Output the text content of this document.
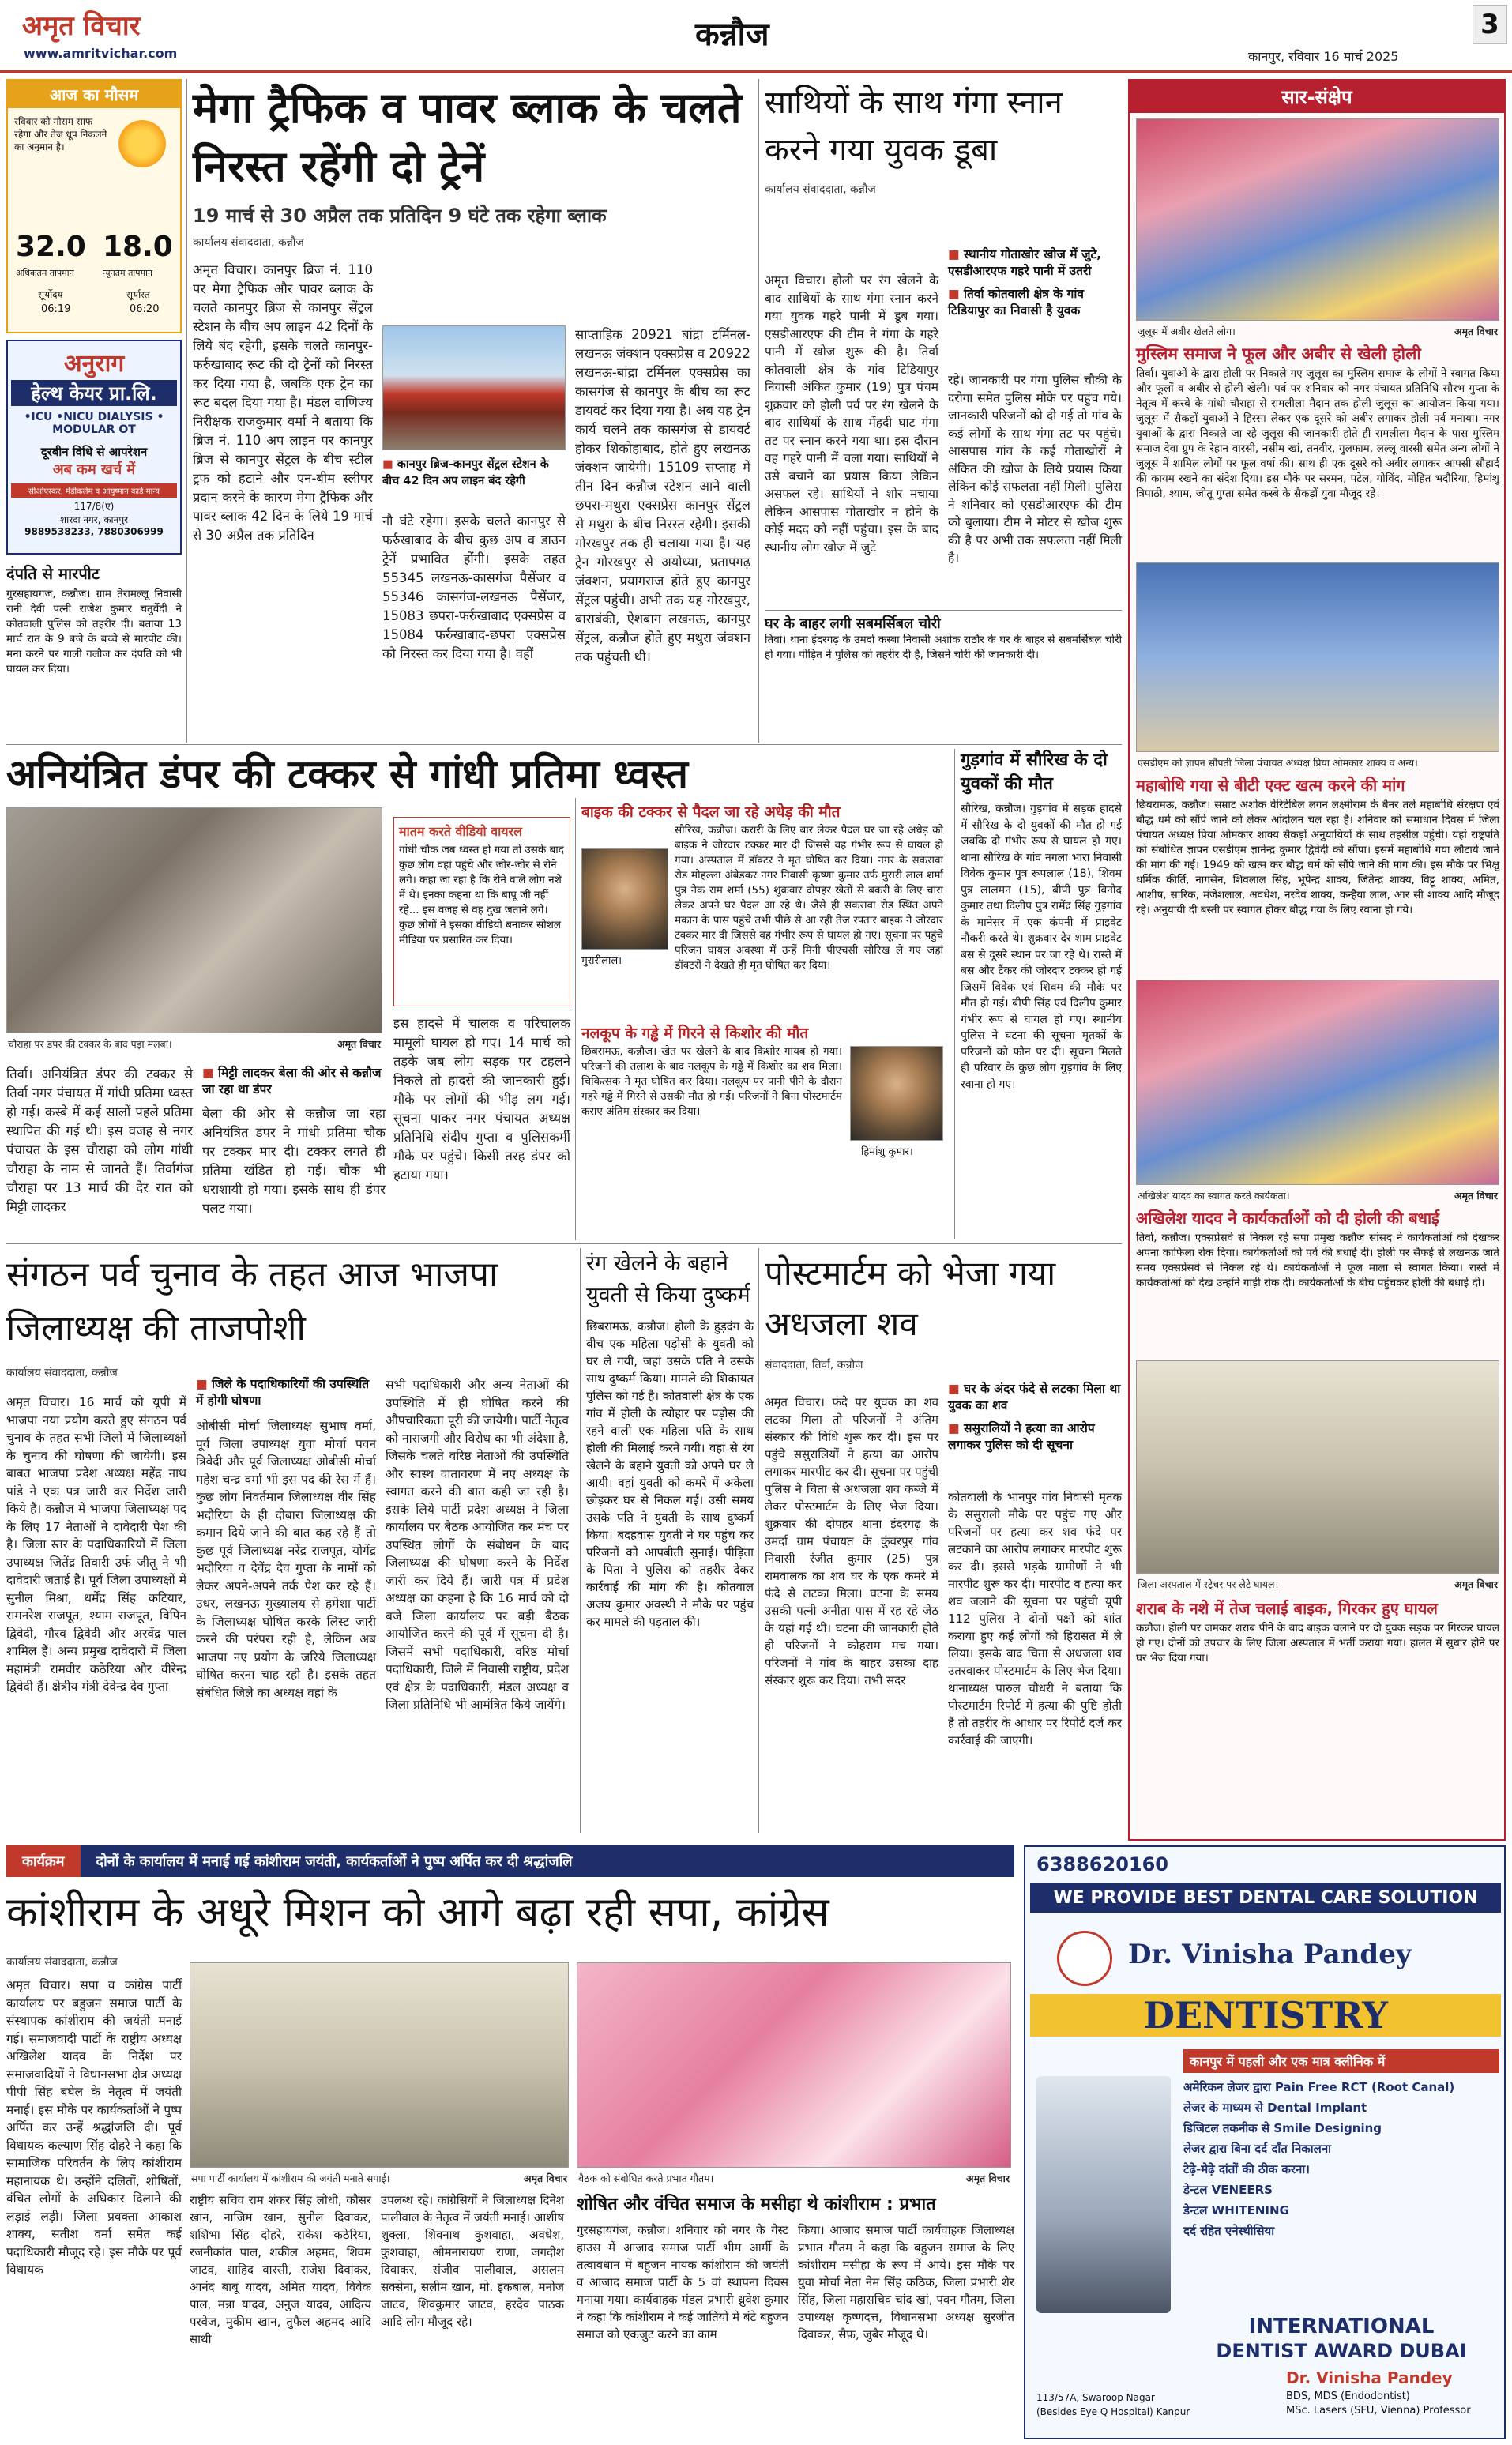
अमृत विचार
www.amritvichar.com
कन्नौज
कानपुर, रविवार 16 मार्च 2025
3
आज का मौसम
रविवार को मौसम साफ रहेगा और तेज धूप निकलने का अनुमान है।
32.0
अधिकतम तापमान
18.0
न्यूनतम तापमान
सूर्योदय
06:19
सूर्यास्त
06:20
अनुराग
हेल्थ केयर प्रा.लि.
•ICU •NICU DIALYSIS • MODULAR OT
दूरबीन विधि से आपरेशन
अब कम खर्च में
सीओएस्कर, मेडीकलेम व आयुष्मान कार्ड मान्य
117/8(ए)
शारदा नगर, कानपुर
9889538233, 7880306999
दंपति से मारपीट
गुरसहायगंज, कन्नौज। ग्राम तेरामल्लू निवासी रानी देवी पत्नी राजेश कुमार चतुर्वेदी ने कोतवाली पुलिस को तहरीर दी। बताया 13 मार्च रात के 9 बजे के बच्चे से मारपीट की। मना करने पर गाली गलौज कर दंपति को भी घायल कर दिया।
मेगा ट्रैफिक व पावर ब्लाक के चलते निरस्त रहेंगी दो ट्रेनें
19 मार्च से 30 अप्रैल तक प्रतिदिन 9 घंटे तक रहेगा ब्लाक
कार्यालय संवाददाता, कन्नौज
अमृत विचार। कानपुर ब्रिज नं. 110 पर मेगा ट्रैफिक और पावर ब्लाक के चलते कानपुर ब्रिज से कानपुर सेंट्रल स्टेशन के बीच अप लाइन 42 दिनों के लिये बंद रहेगी, इसके चलते कानपुर-फर्रुखाबाद रूट की दो ट्रेनों को निरस्त कर दिया गया है, जबकि एक ट्रेन का रूट बदल दिया गया है। मंडल वाणिज्य निरीक्षक राजकुमार वर्मा ने बताया कि ब्रिज नं. 110 अप लाइन पर कानपुर ब्रिज से कानपुर सेंट्रल के बीच स्टील ट्रफ को हटाने और एन-बीम स्लीपर प्रदान करने के कारण मेगा ट्रैफिक और पावर ब्लाक 42 दिन के लिये 19 मार्च से 30 अप्रैल तक प्रतिदिन
■ कानपुर ब्रिज-कानपुर सेंट्रल स्टेशन के बीच 42 दिन अप लाइन बंद रहेगी
नौ घंटे रहेगा। इसके चलते कानपुर से फर्रुखाबाद के बीच कुछ अप व डाउन ट्रेनें प्रभावित होंगी। इसके तहत 55345 लखनऊ-कासगंज पैसेंजर व 55346 कासगंज-लखनऊ पैसेंजर, 15083 छपरा-फर्रुखाबाद एक्सप्रेस व 15084 फर्रुखाबाद-छपरा एक्सप्रेस को निरस्त कर दिया गया है। वहीं
साप्ताहिक 20921 बांद्रा टर्मिनल-लखनऊ जंक्शन एक्सप्रेस व 20922 लखनऊ-बांद्रा टर्मिनल एक्सप्रेस का कासगंज से कानपुर के बीच का रूट डायवर्ट कर दिया गया है। अब यह ट्रेन कार्य चलने तक कासगंज से डायवर्ट होकर शिकोहाबाद, होते हुए लखनऊ जंक्शन जायेगी। 15109 सप्ताह में तीन दिन कन्नौज स्टेशन आने वाली छपरा-मथुरा एक्सप्रेस कानपुर सेंट्रल से मथुरा के बीच निरस्त रहेगी। इसकी गोरखपुर तक ही चलाया गया है। यह ट्रेन गोरखपुर से अयोध्या, प्रतापगढ़ जंक्शन, प्रयागराज होते हुए कानपुर सेंट्रल पहुंची। अभी तक यह गोरखपुर, बाराबंकी, ऐशबाग लखनऊ, कानपुर सेंट्रल, कन्नौज होते हुए मथुरा जंक्शन तक पहुंचती थी।
साथियों के साथ गंगा स्नान करने गया युवक डूबा
कार्यालय संवाददाता, कन्नौज
अमृत विचार। होली पर रंग खेलने के बाद साथियों के साथ गंगा स्नान करने गया युवक गहरे पानी में डूब गया। एसडीआरएफ की टीम ने गंगा के गहरे पानी में खोज शुरू की है। तिर्वा कोतवाली क्षेत्र के गांव टिडियापुर निवासी अंकित कुमार (19) पुत्र पंचम शुक्रवार को होली पर्व पर रंग खेलने के बाद साथियों के साथ मेंहदी घाट गंगा तट पर स्नान करने गया था। इस दौरान वह गहरे पानी में चला गया। साथियों ने उसे बचाने का प्रयास किया लेकिन असफल रहे। साथियों ने शोर मचाया लेकिन आसपास गोताखोर न होने के कोई मदद को नहीं पहुंचा। इस के बाद स्थानीय लोग खोज में जुटे
■ स्थानीय गोताखोर खोज में जुटे, एसडीआरएफ गहरे पानी में उतरी
■ तिर्वा कोतवाली क्षेत्र के गांव टिडियापुर का निवासी है युवक
रहे। जानकारी पर गंगा पुलिस चौकी के दरोगा समेत पुलिस मौके पर पहुंच गये। जानकारी परिजनों को दी गई तो गांव के कई लोगों के साथ गंगा तट पर पहुंचे। आसपास गांव के कई गोताखोरों ने अंकित की खोज के लिये प्रयास किया लेकिन कोई सफलता नहीं मिली। पुलिस ने शनिवार को एसडीआरएफ की टीम को बुलाया। टीम ने मोटर से खोज शुरू की है पर अभी तक सफलता नहीं मिली है।
घर के बाहर लगी सबमर्सिबल चोरी
तिर्वा। थाना इंदरगढ़ के उमर्दा कस्बा निवासी अशोक राठौर के घर के बाहर से सबमर्सिबल चोरी हो गया। पीड़ित ने पुलिस को तहरीर दी है, जिसने चोरी की जानकारी दी।
सार-संक्षेप
जुलूस में अबीर खेलते लोग।	अमृत विचार
मुस्लिम समाज ने फूल और अबीर से खेली होली
तिर्वा। युवाओं के द्वारा होली पर निकाले गए जुलूस का मुस्लिम समाज के लोगों ने स्वागत किया और फूलों व अबीर से होली खेली। पर्व पर शनिवार को नगर पंचायत प्रतिनिधि सौरभ गुप्ता के नेतृत्व में कस्बे के गांधी चौराहा से रामलीला मैदान तक होली जुलूस का आयोजन किया गया। जुलूस में सैकड़ों युवाओं ने हिस्सा लेकर एक दूसरे को अबीर लगाकर होली पर्व मनाया। नगर युवाओं के द्वारा निकाले जा रहे जुलूस की जानकारी होते ही रामलीला मैदान के पास मुस्लिम समाज देवा ग्रुप के रेहान वारसी, नसीम खां, तनवीर, गुलफाम, लल्लू वारसी समेत अन्य लोगों ने जुलूस में शामिल लोगों पर फूल वर्षा की। साथ ही एक दूसरे को अबीर लगाकर आपसी सौहार्द की कायम रखने का संदेश दिया। इस मौके पर सरमन, पटेल, गोविंद, मोहित भदौरिया, हिमांशु त्रिपाठी, श्याम, जीतू गुप्ता समेत कस्बे के सैकड़ों युवा मौजूद रहे।
एसडीएम को ज्ञापन सौंपती जिला पंचायत अध्यक्ष प्रिया ओमकार शाक्य व अन्य।
महाबोधि गया से बीटी एक्ट खत्म करने की मांग
छिबरामऊ, कन्नौज। सम्राट अशोक वेरिटेबिल लगन लक्ष्मीराम के बैनर तले महाबोधि संरक्षण एवं बौद्ध धर्म को सौंपे जाने को लेकर आंदोलन चल रहा है। शनिवार को समाधान दिवस में जिला पंचायत अध्यक्ष प्रिया ओमकार शाक्य सैकड़ों अनुयायियों के साथ तहसील पहुंची। यहां राष्ट्रपति को संबोधित ज्ञापन एसडीएम ज्ञानेन्द्र कुमार द्विवेदी को सौंपा। इसमें महाबोधि गया लौटाये जाने की मांग की गई। 1949 को खत्म कर बौद्ध धर्म को सौंपे जाने की मांग की। इस मौके पर भिक्षु धर्मिक कीर्ति, नागसेन, शिवलाल सिंह, भूपेन्द्र शाक्य, जितेन्द्र शाक्य, विट्टू शाक्य, अमित, आशीष, सारिक, मंजेशलाल, अवधेश, नरदेव शाक्य, कन्हैया लाल, आर सी शाक्य आदि मौजूद रहे। अनुयायी दी बस्ती पर स्वागत होकर बौद्ध गया के लिए रवाना हो गये।
अखिलेश यादव का स्वागत करते कार्यकर्ता।	अमृत विचार
अखिलेश यादव ने कार्यकर्ताओं को दी होली की बधाई
तिर्वा, कन्नौज। एक्सप्रेसवे से निकल रहे सपा प्रमुख कन्नौज सांसद ने कार्यकर्ताओं को देखकर अपना काफिला रोक दिया। कार्यकर्ताओं को पर्व की बधाई दी। होली पर सैफई से लखनऊ जाते समय एक्सप्रेसवे से निकल रहे थे। कार्यकर्ताओं ने फूल माला से स्वागत किया। रास्ते में कार्यकर्ताओं को देख उन्होंने गाड़ी रोक दी। कार्यकर्ताओं के बीच पहुंचकर होली की बधाई दी।
जिला अस्पताल में स्ट्रेचर पर लेटे घायल।	अमृत विचार
शराब के नशे में तेज चलाई बाइक, गिरकर हुए घायल
कन्नौज। होली पर जमकर शराब पीने के बाद बाइक चलाने पर दो युवक सड़क पर गिरकर घायल हो गए। दोनों को उपचार के लिए जिला अस्पताल में भर्ती कराया गया। हालत में सुधार होने पर घर भेज दिया गया।
अनियंत्रित डंपर की टक्कर से गांधी प्रतिमा ध्वस्त
चौराहा पर डंपर की टक्कर के बाद पड़ा मलबा।	अमृत विचार
मातम करते वीडियो वायरल
गांधी चौक जब ध्वस्त हो गया तो उसके बाद कुछ लोग वहां पहुंचे और जोर-जोर से रोने लगे। कहा जा रहा है कि रोने वाले लोग नशे में थे। इनका कहना था कि बापू जी नहीं रहे... इस वजह से वह दुख जताने लगे। कुछ लोगों ने इसका वीडियो बनाकर सोशल मीडिया पर प्रसारित कर दिया।
■ मिट्टी लादकर बेला की ओर से कन्नौज जा रहा था डंपर
तिर्वा। अनियंत्रित डंपर की टक्कर से तिर्वा नगर पंचायत में गांधी प्रतिमा ध्वस्त हो गई। कस्बे में कई सालों पहले प्रतिमा स्थापित की गई थी। इस वजह से नगर पंचायत के इस चौराहा को लोग गांधी चौराहा के नाम से जानते हैं। तिर्वागंज चौराहा पर 13 मार्च की देर रात को मिट्टी लादकर
बेला की ओर से कन्नौज जा रहा अनियंत्रित डंपर ने गांधी प्रतिमा चौक पर टक्कर मार दी। टक्कर लगते ही प्रतिमा खंडित हो गई। चौक भी धराशायी हो गया। इसके साथ ही डंपर पलट गया।
इस हादसे में चालक व परिचालक मामूली घायल हो गए। 14 मार्च को तड़के जब लोग सड़क पर टहलने निकले तो हादसे की जानकारी हुई। मौके पर लोगों की भीड़ लग गई। सूचना पाकर नगर पंचायत अध्यक्ष प्रतिनिधि संदीप गुप्ता व पुलिसकर्मी मौके पर पहुंचे। किसी तरह डंपर को हटाया गया।
बाइक की टक्कर से पैदल जा रहे अधेड़ की मौत
मुरारीलाल।
सौरिख, कन्नौज। करारी के लिए बार लेकर पैदल घर जा रहे अधेड़ को बाइक ने जोरदार टक्कर मार दी जिससे वह गंभीर रूप से घायल हो गया। अस्पताल में डॉक्टर ने मृत घोषित कर दिया। नगर के सकरावा रोड मोहल्ला अंबेडकर नगर निवासी कृष्णा कुमार उर्फ मुरारी लाल शर्मा पुत्र नेक राम शर्मा (55) शुक्रवार दोपहर खेतों से बकरी के लिए चारा लेकर अपने घर पैदल आ रहे थे। जैसे ही सकरावा रोड स्थित अपने मकान के पास पहुंचे तभी पीछे से आ रही तेज रफ्तार बाइक ने जोरदार टक्कर मार दी जिससे वह गंभीर रूप से घायल हो गए। सूचना पर पहुंचे परिजन घायल अवस्था में उन्हें मिनी पीएचसी सौरिख ले गए जहां डॉक्टरों ने देखते ही मृत घोषित कर दिया।
नलकूप के गड्ढे में गिरने से किशोर की मौत
छिबरामऊ, कन्नौज। खेत पर खेलने के बाद किशोर गायब हो गया। परिजनों की तलाश के बाद नलकूप के गड्ढे में किशोर का शव मिला। चिकित्सक ने मृत घोषित कर दिया। नलकूप पर पानी पीने के दौरान गहरे गड्ढे में गिरने से उसकी मौत हो गई। परिजनों ने बिना पोस्टमार्टम कराए अंतिम संस्कार कर दिया।
हिमांशु कुमार।
गुड़गांव में सौरिख के दो युवकों की मौत
सौरिख, कन्नौज। गुड़गांव में सड़क हादसे में सौरिख के दो युवकों की मौत हो गई जबकि दो गंभीर रूप से घायल हो गए। थाना सौरिख के गांव नगला भारा निवासी विवेक कुमार पुत्र रूपलाल (18), शिवम पुत्र लालमन (15), बीपी पुत्र विनोद कुमार तथा दिलीप पुत्र रामेंद्र सिंह गुड़गांव के मानेसर में एक कंपनी में प्राइवेट नौकरी करते थे। शुक्रवार देर शाम प्राइवेट बस से दूसरे स्थान पर जा रहे थे। रास्ते में बस और टैंकर की जोरदार टक्कर हो गई जिसमें विवेक एवं शिवम की मौके पर मौत हो गई। बीपी सिंह एवं दिलीप कुमार गंभीर रूप से घायल हो गए। स्थानीय पुलिस ने घटना की सूचना मृतकों के परिजनों को फोन पर दी। सूचना मिलते ही परिवार के कुछ लोग गुड़गांव के लिए रवाना हो गए।
संगठन पर्व चुनाव के तहत आज भाजपा जिलाध्यक्ष की ताजपोशी
कार्यालय संवाददाता, कन्नौज
अमृत विचार। 16 मार्च को यूपी में भाजपा नया प्रयोग करते हुए संगठन पर्व चुनाव के तहत सभी जिलों में जिलाध्यक्षों के चुनाव की घोषणा की जायेगी। इस बाबत भाजपा प्रदेश अध्यक्ष महेंद्र नाथ पांडे ने एक पत्र जारी कर निर्देश जारी किये हैं। कन्नौज में भाजपा जिलाध्यक्ष पद के लिए 17 नेताओं ने दावेदारी पेश की है। जिला स्तर के पदाधिकारियों में जिला उपाध्यक्ष जितेंद्र तिवारी उर्फ जीतू ने भी दावेदारी जताई है। पूर्व जिला उपाध्यक्षों में सुनील मिश्रा, धर्मेंद्र सिंह कटियार, रामनरेश राजपूत, श्याम राजपूत, विपिन द्विवेदी, गौरव द्विवेदी और अरवेंद्र पाल शामिल हैं। अन्य प्रमुख दावेदारों में जिला महामंत्री रामवीर कठेरिया और वीरेन्द्र द्विवेदी हैं। क्षेत्रीय मंत्री देवेन्द्र देव गुप्ता
■ जिले के पदाधिकारियों की उपस्थिति में होगी घोषणा
ओबीसी मोर्चा जिलाध्यक्ष सुभाष वर्मा, पूर्व जिला उपाध्यक्ष युवा मोर्चा पवन त्रिवेदी और पूर्व जिलाध्यक्ष ओबीसी मोर्चा महेश चन्द्र वर्मा भी इस पद की रेस में हैं। कुछ लोग निवर्तमान जिलाध्यक्ष वीर सिंह भदौरिया के ही दोबारा जिलाध्यक्ष की कमान दिये जाने की बात कह रहे हैं तो कुछ पूर्व जिलाध्यक्ष नरेंद्र राजपूत, योगेंद्र भदौरिया व देवेंद्र देव गुप्ता के नामों को लेकर अपने-अपने तर्क पेश कर रहे हैं। उधर, लखनऊ मुख्यालय से हमेशा पार्टी के जिलाध्यक्ष घोषित करके लिस्ट जारी करने की परंपरा रही है, लेकिन अब भाजपा नए प्रयोग के जरिये जिलाध्यक्ष घोषित करना चाह रही है। इसके तहत संबंधित जिले का अध्यक्ष वहां के
सभी पदाधिकारी और अन्य नेताओं की उपस्थिति में ही घोषित करने की औपचारिकता पूरी की जायेगी। पार्टी नेतृत्व को नाराजगी और विरोध का भी अंदेशा है, जिसके चलते वरिष्ठ नेताओं की उपस्थिति और स्वस्थ वातावरण में नए अध्यक्ष के स्वागत करने की बात कही जा रही है। इसके लिये पार्टी प्रदेश अध्यक्ष ने जिला कार्यालय पर बैठक आयोजित कर मंच पर उपस्थित लोगों के संबोधन के बाद जिलाध्यक्ष की घोषणा करने के निर्देश जारी कर दिये हैं। जारी पत्र में प्रदेश अध्यक्ष का कहना है कि 16 मार्च को दो बजे जिला कार्यालय पर बड़ी बैठक आयोजित करने की पूर्व में सूचना दी है। जिसमें सभी पदाधिकारी, वरिष्ठ मोर्चा पदाधिकारी, जिले में निवासी राष्ट्रीय, प्रदेश एवं क्षेत्र के पदाधिकारी, मंडल अध्यक्ष व जिला प्रतिनिधि भी आमंत्रित किये जायेंगे।
रंग खेलने के बहाने युवती से किया दुष्कर्म
छिबरामऊ, कन्नौज। होली के हुड़दंग के बीच एक महिला पड़ोसी के युवती को घर ले गयी, जहां उसके पति ने उसके साथ दुष्कर्म किया। मामले की शिकायत पुलिस को गई है। कोतवाली क्षेत्र के एक गांव में होली के त्योहार पर पड़ोस की रहने वाली एक महिला पति के साथ होली की मिलाई करने गयी। वहां से रंग खेलने के बहाने युवती को अपने घर ले आयी। वहां युवती को कमरे में अकेला छोड़कर घर से निकल गई। उसी समय उसके पति ने युवती के साथ दुष्कर्म किया। बदहवास युवती ने घर पहुंच कर परिजनों को आपबीती सुनाई। पीड़िता के पिता ने पुलिस को तहरीर देकर कार्रवाई की मांग की है। कोतवाल अजय कुमार अवस्थी ने मौके पर पहुंच कर मामले की पड़ताल की।
पोस्टमार्टम को भेजा गया अधजला शव
संवाददाता, तिर्वा, कन्नौज
अमृत विचार। फंदे पर युवक का शव लटका मिला तो परिजनों ने अंतिम संस्कार की विधि शुरू कर दी। इस पर पहुंचे ससुरालियों ने हत्या का आरोप लगाकर मारपीट कर दी। सूचना पर पहुंची पुलिस ने चिता से अधजला शव कब्जे में लेकर पोस्टमार्टम के लिए भेज दिया। शुक्रवार की दोपहर थाना इंदरगढ़ के उमर्दा ग्राम पंचायत के कुंवरपुर गांव निवासी रंजीत कुमार (25) पुत्र रामवालक का शव घर के एक कमरे में फंदे से लटका मिला। घटना के समय उसकी पत्नी अनीता पास में रह रहे जेठ के यहां गई थी। घटना की जानकारी होते ही परिजनों ने कोहराम मच गया। परिजनों ने गांव के बाहर उसका दाह संस्कार शुरू कर दिया। तभी सदर
■ घर के अंदर फंदे से लटका मिला था युवक का शव
■ ससुरालियों ने हत्या का आरोप लगाकर पुलिस को दी सूचना
कोतवाली के भानपुर गांव निवासी मृतक के ससुराली मौके पर पहुंच गए और परिजनों पर हत्या कर शव फंदे पर लटकाने का आरोप लगाकर मारपीट शुरू कर दी। इससे भड़के ग्रामीणों ने भी मारपीट शुरू कर दी। मारपीट व हत्या कर शव जलाने की सूचना पर पहुंची यूपी 112 पुलिस ने दोनों पक्षों को शांत कराया हुए कई लोगों को हिरासत में ले लिया। इसके बाद चिता से अधजला शव उतरवाकर पोस्टमार्टम के लिए भेज दिया। थानाध्यक्ष पारुल चौधरी ने बताया कि पोस्टमार्टम रिपोर्ट में हत्या की पुष्टि होती है तो तहरीर के आधार पर रिपोर्ट दर्ज कर कार्रवाई की जाएगी।
कार्यक्रम	दोनों के कार्यालय में मनाई गई कांशीराम जयंती, कार्यकर्ताओं ने पुष्प अर्पित कर दी श्रद्धांजलि
कांशीराम के अधूरे मिशन को आगे बढ़ा रही सपा, कांग्रेस
कार्यालय संवाददाता, कन्नौज
अमृत विचार। सपा व कांग्रेस पार्टी कार्यालय पर बहुजन समाज पार्टी के संस्थापक कांशीराम की जयंती मनाई गई। समाजवादी पार्टी के राष्ट्रीय अध्यक्ष अखिलेश यादव के निर्देश पर समाजवादियों ने विधानसभा क्षेत्र अध्यक्ष पीपी सिंह बघेल के नेतृत्व में जयंती मनाई। इस मौके पर कार्यकर्ताओं ने पुष्प अर्पित कर उन्हें श्रद्धांजलि दी। पूर्व विधायक कल्याण सिंह दोहरे ने कहा कि सामाजिक परिवर्तन के लिए कांशीराम महानायक थे। उन्होंने दलितों, शोषितों, वंचित लोगों के अधिकार दिलाने की लड़ाई लड़ी। जिला प्रवक्ता आकाश शाक्य, सतीश वर्मा समेत कई पदाधिकारी मौजूद रहे। इस मौके पर पूर्व विधायक
सपा पार्टी कार्यालय में कांशीराम की जयंती मनाते सपाई।	अमृत विचार बैठक को संबोधित करते प्रभात गौतम।	अमृत विचार
राष्ट्रीय सचिव राम शंकर सिंह लोधी, कौसर खान, नाजिम खान, सुनील दिवाकर, शशिभा सिंह दोहरे, राकेश कठेरिया, रजनीकांत पाल, शकील अहमद, शिवम जाटव, शाहिद वारसी, राजेश दिवाकर, आनंद बाबू यादव, अमित यादव, विवेक पाल, मन्ना यादव, अनुज यादव, आदित्य परवेज, मुकीम खान, तुफैल अहमद आदि साथी
उपलब्ध रहे। कांग्रेसियों ने जिलाध्यक्ष दिनेश पालीवाल के नेतृत्व में जयंती मनाई। आशीष शुक्ला, शिवनाथ कुशवाहा, अवधेश, कुशवाहा, ओमनारायण राणा, जगदीश दिवाकर, संजीव पालीवाल, असलम सक्सेना, सलीम खान, मो. इकबाल, मनोज जाटव, शिवकुमार जाटव, हरदेव पाठक आदि लोग मौजूद रहे।
शोषित और वंचित समाज के मसीहा थे कांशीराम : प्रभात
गुरसहायगंज, कन्नौज। शनिवार को नगर के गेस्ट हाउस में आजाद समाज पार्टी भीम आर्मी के तत्वावधान में बहुजन नायक कांशीराम की जयंती व आजाद समाज पार्टी के 5 वां स्थापना दिवस मनाया गया। कार्यवाहक मंडल प्रभारी ध्रुवेश कुमार ने कहा कि कांशीराम ने कई जातियों में बंटे बहुजन समाज को एकजुट करने का काम
किया। आजाद समाज पार्टी कार्यवाहक जिलाध्यक्ष प्रभात गौतम ने कहा कि बहुजन समाज के लिए कांशीराम मसीहा के रूप में आये। इस मौके पर युवा मोर्चा नेता नेम सिंह कठिक, जिला प्रभारी शेर सिंह, जिला महासचिव चांद खां, पवन गौतम, जिला उपाध्यक्ष कृष्णदत्त, विधानसभा अध्यक्ष सुरजीत दिवाकर, सैफ़, जुबैर मौजूद थे।
6388620160
WE PROVIDE BEST DENTAL CARE SOLUTION
Dr. Vinisha Pandey
DENTISTRY
कानपुर में पहली और एक मात्र क्लीनिक में
अमेरिकन लेजर द्वारा Pain Free RCT (Root Canal)
लेजर के माध्यम से Dental Implant
डिजिटल तकनीक से Smile Designing
लेजर द्वारा बिना दर्द दाँत निकालना
टेढ़े-मेढ़े दांतों की ठीक करना।
डेन्टल VENEERS
डेन्टल WHITENING
दर्द रहित एनेस्थीसिया
INTERNATIONAL
DENTIST AWARD DUBAI
113/57A, Swaroop Nagar
(Besides Eye Q Hospital) Kanpur
Dr. Vinisha Pandey
BDS, MDS (Endodontist)
MSc. Lasers (SFU, Vienna) Professor
